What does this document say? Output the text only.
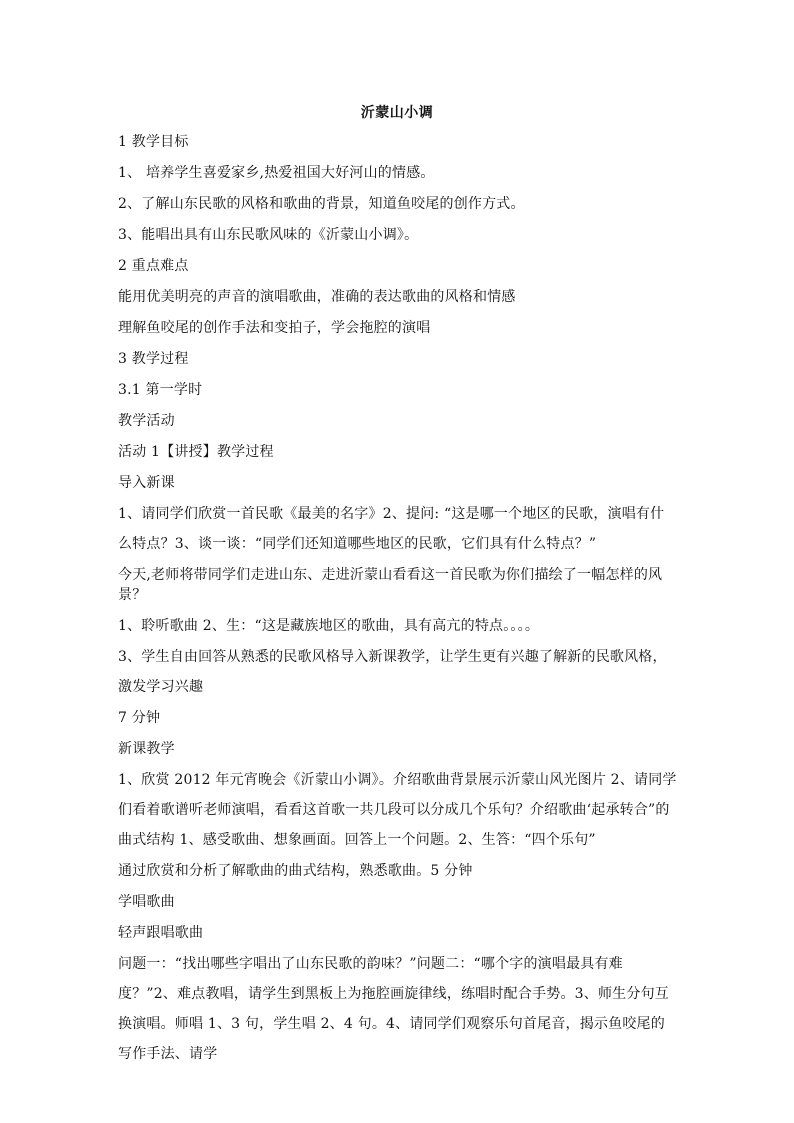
沂蒙山小调
1 教学目标
1、 培养学生喜爱家乡,热爱祖国大好河山的情感。
2、了解山东民歌的风格和歌曲的背景，知道鱼咬尾的创作方式。
3、能唱出具有山东民歌风味的《沂蒙山小调》。
2 重点难点
能用优美明亮的声音的演唱歌曲，准确的表达歌曲的风格和情感
理解鱼咬尾的创作手法和变拍子，学会拖腔的演唱
3 教学过程
3.1 第一学时
教学活动
活动 1【讲授】教学过程
导入新课
1、请同学们欣赏一首民歌《最美的名字》2、提问: “这是哪一个地区的民歌，演唱有什么特点？3、谈一谈：“同学们还知道哪些地区的民歌，它们具有什么特点？”
今天,老师将带同学们走进山东、走进沂蒙山看看这一首民歌为你们描绘了一幅怎样的风景？
1、聆听歌曲 2、生：“这是藏族地区的歌曲，具有高亢的特点。。。。
3、学生自由回答从熟悉的民歌风格导入新课教学，让学生更有兴趣了解新的民歌风格，激发学习兴趣
7 分钟
新课教学
1、欣赏 2012 年元宵晚会《沂蒙山小调》。介绍歌曲背景展示沂蒙山风光图片 2、请同学们看着歌谱听老师演唱，看看这首歌一共几段可以分成几个乐句？介绍歌曲‘起承转合”的曲式结构 1、感受歌曲、想象画面。回答上一个问题。2、生答：“四个乐句”
通过欣赏和分析了解歌曲的曲式结构，熟悉歌曲。5 分钟
学唱歌曲
轻声跟唱歌曲
问题一：“找出哪些字唱出了山东民歌的韵味？”问题二：“哪个字的演唱最具有难度？”2、难点教唱，请学生到黑板上为拖腔画旋律线，练唱时配合手势。3、师生分句互换演唱。师唱 1、3 句，学生唱 2、4 句。4、请同学们观察乐句首尾音，揭示鱼咬尾的写作手法、请学
